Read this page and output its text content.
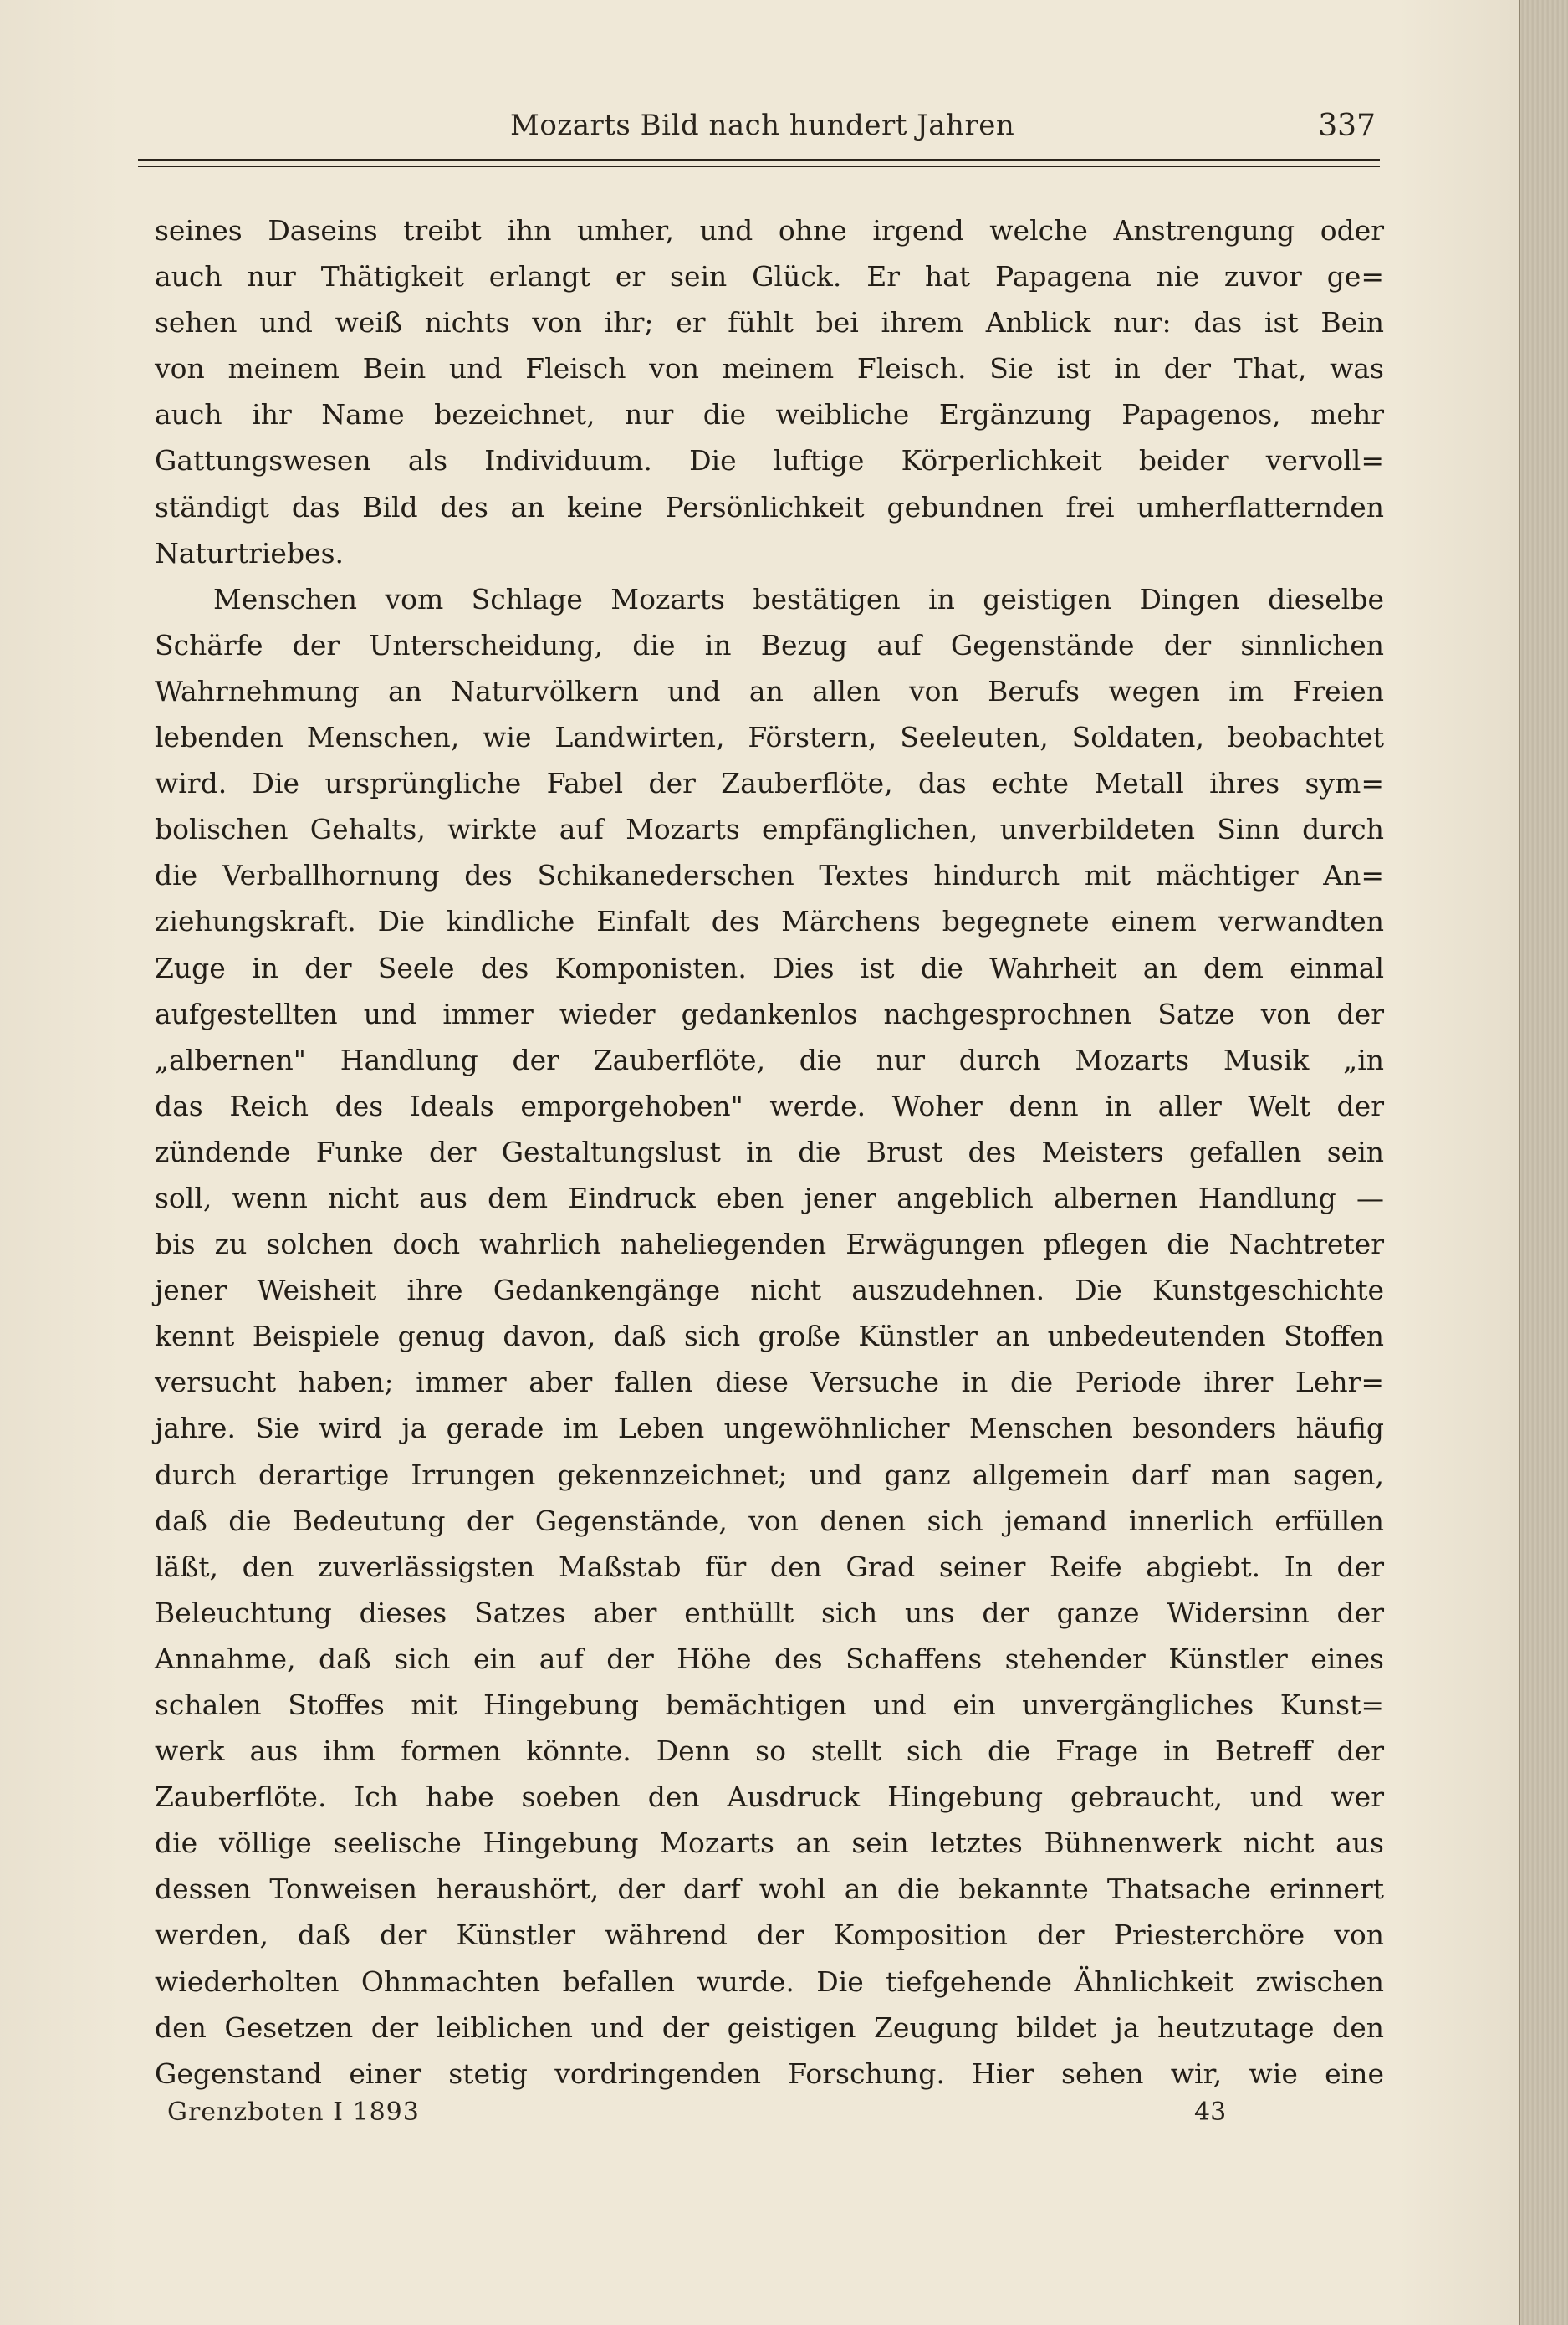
Mozarts Bild nach hundert Jahren	337
seines Daseins treibt ihn umher, und ohne irgend welche Anstrengung oder
auch nur Thätigkeit erlangt er sein Glück. Er hat Papagena nie zuvor ge=
sehen und weiß nichts von ihr; er fühlt bei ihrem Anblick nur: das ist Bein
von meinem Bein und Fleisch von meinem Fleisch. Sie ist in der That, was
auch ihr Name bezeichnet, nur die weibliche Ergänzung Papagenos, mehr
Gattungswesen als Individuum. Die luftige Körperlichkeit beider vervoll=
ständigt das Bild des an keine Persönlichkeit gebundnen frei umherflatternden
Naturtriebes.
Menschen vom Schlage Mozarts bestätigen in geistigen Dingen dieselbe
Schärfe der Unterscheidung, die in Bezug auf Gegenstände der sinnlichen
Wahrnehmung an Naturvölkern und an allen von Berufs wegen im Freien
lebenden Menschen, wie Landwirten, Förstern, Seeleuten, Soldaten, beobachtet
wird. Die ursprüngliche Fabel der Zauberflöte, das echte Metall ihres sym=
bolischen Gehalts, wirkte auf Mozarts empfänglichen, unverbildeten Sinn durch
die Verballhornung des Schikanederschen Textes hindurch mit mächtiger An=
ziehungskraft. Die kindliche Einfalt des Märchens begegnete einem verwandten
Zuge in der Seele des Komponisten. Dies ist die Wahrheit an dem einmal
aufgestellten und immer wieder gedankenlos nachgesprochnen Satze von der
„albernen" Handlung der Zauberflöte, die nur durch Mozarts Musik „in
das Reich des Ideals emporgehoben" werde. Woher denn in aller Welt der
zündende Funke der Gestaltungslust in die Brust des Meisters gefallen sein
soll, wenn nicht aus dem Eindruck eben jener angeblich albernen Handlung —
bis zu solchen doch wahrlich naheliegenden Erwägungen pflegen die Nachtreter
jener Weisheit ihre Gedankengänge nicht auszudehnen. Die Kunstgeschichte
kennt Beispiele genug davon, daß sich große Künstler an unbedeutenden Stoffen
versucht haben; immer aber fallen diese Versuche in die Periode ihrer Lehr=
jahre. Sie wird ja gerade im Leben ungewöhnlicher Menschen besonders häufig
durch derartige Irrungen gekennzeichnet; und ganz allgemein darf man sagen,
daß die Bedeutung der Gegenstände, von denen sich jemand innerlich erfüllen
läßt, den zuverlässigsten Maßstab für den Grad seiner Reife abgiebt. In der
Beleuchtung dieses Satzes aber enthüllt sich uns der ganze Widersinn der
Annahme, daß sich ein auf der Höhe des Schaffens stehender Künstler eines
schalen Stoffes mit Hingebung bemächtigen und ein unvergängliches Kunst=
werk aus ihm formen könnte. Denn so stellt sich die Frage in Betreff der
Zauberflöte. Ich habe soeben den Ausdruck Hingebung gebraucht, und wer
die völlige seelische Hingebung Mozarts an sein letztes Bühnenwerk nicht aus
dessen Tonweisen heraushört, der darf wohl an die bekannte Thatsache erinnert
werden, daß der Künstler während der Komposition der Priesterchöre von
wiederholten Ohnmachten befallen wurde. Die tiefgehende Ähnlichkeit zwischen
den Gesetzen der leiblichen und der geistigen Zeugung bildet ja heutzutage den
Gegenstand einer stetig vordringenden Forschung. Hier sehen wir, wie eine
Grenzboten I 1893	43
